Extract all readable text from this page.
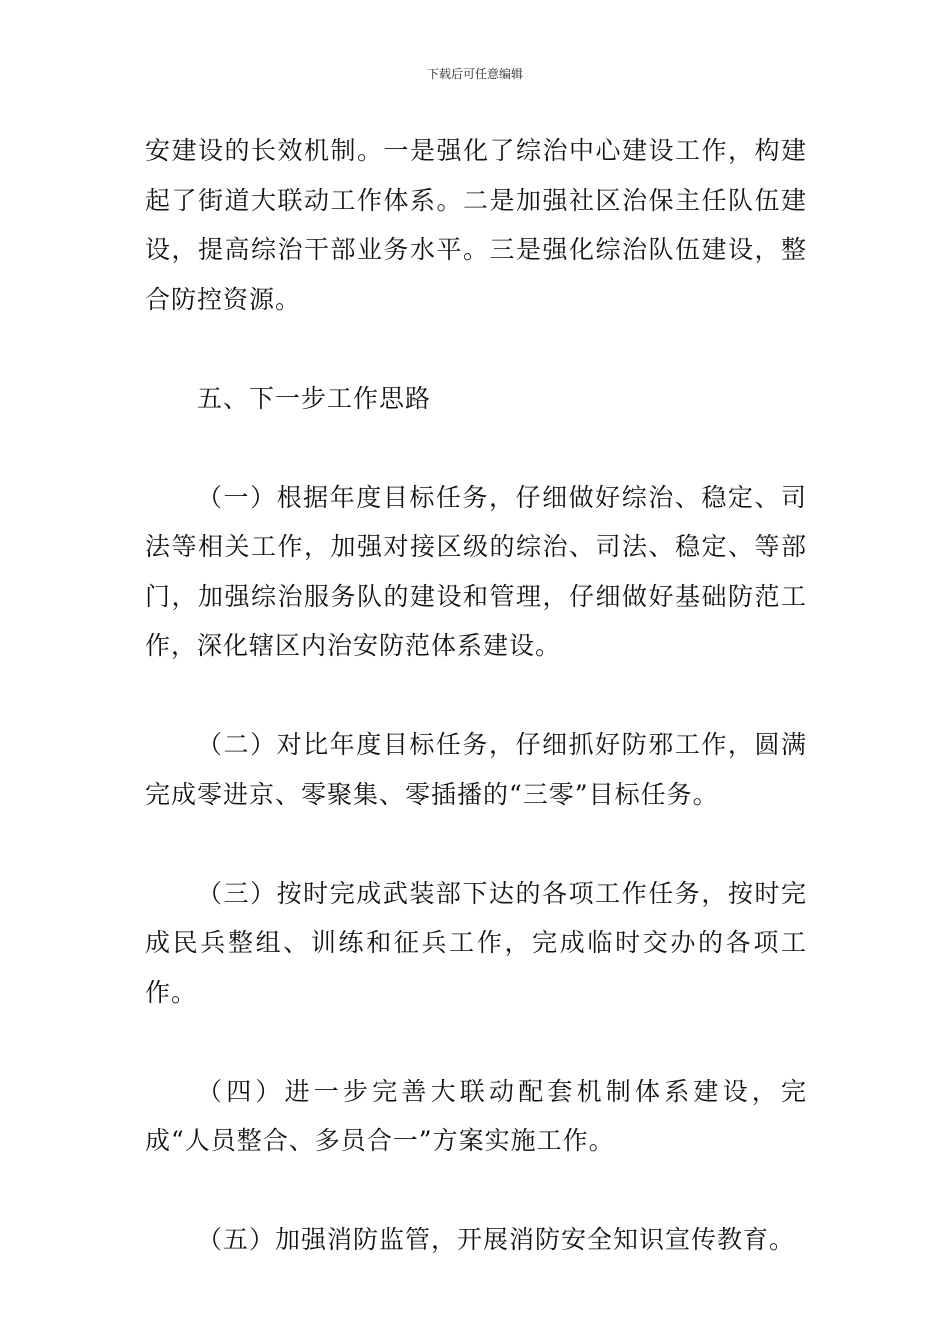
下载后可任意编辑

安建设的长效机制。一是强化了综治中心建设工作，构建起了街道大联动工作体系。二是加强社区治保主任队伍建设，提高综治干部业务水平。三是强化综治队伍建设，整合防控资源。

五、下一步工作思路

（一）根据年度目标任务，仔细做好综治、稳定、司法等相关工作，加强对接区级的综治、司法、稳定、等部门，加强综治服务队的建设和管理，仔细做好基础防范工作，深化辖区内治安防范体系建设。

（二）对比年度目标任务，仔细抓好防邪工作，圆满完成零进京、零聚集、零插播的“三零”目标任务。

（三）按时完成武装部下达的各项工作任务，按时完成民兵整组、训练和征兵工作，完成临时交办的各项工作。

（四）进一步完善大联动配套机制体系建设，完成“人员整合、多员合一”方案实施工作。

（五）加强消防监管，开展消防安全知识宣传教育。
